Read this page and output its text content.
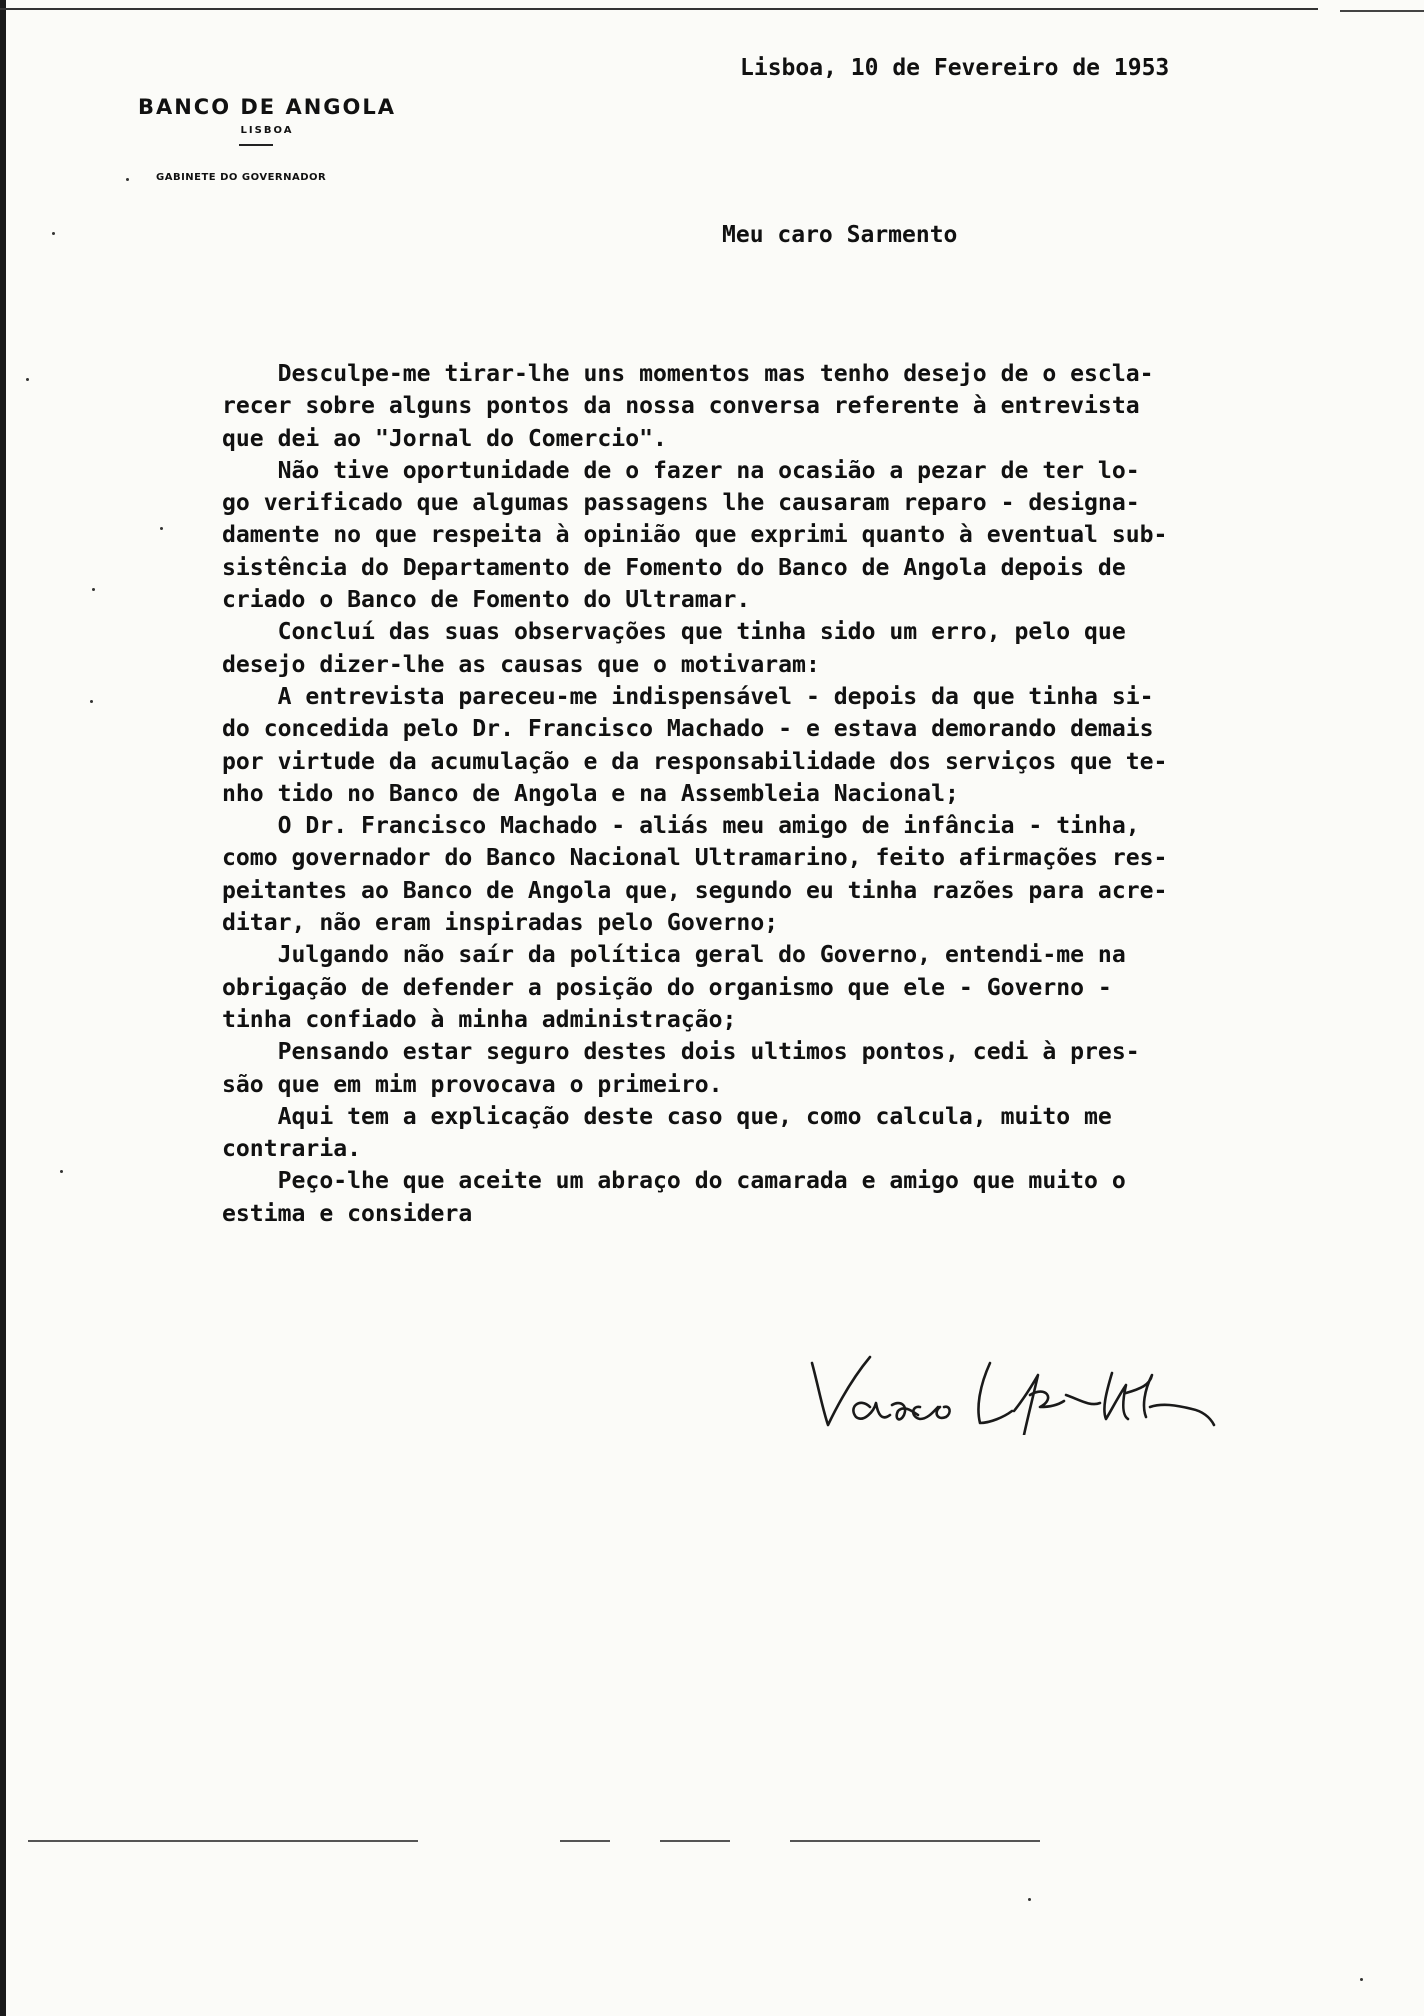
BANCO DE ANGOLA
LISBOA
GABINETE DO GOVERNADOR
Lisboa, 10 de Fevereiro de 1953
Meu caro Sarmento
Desculpe-me tirar-lhe uns momentos mas tenho desejo de o escla-
recer sobre alguns pontos da nossa conversa referente à entrevista
que dei ao "Jornal do Comercio".
Não tive oportunidade de o fazer na ocasião a pezar de ter lo-
go verificado que algumas passagens lhe causaram reparo - designa-
damente no que respeita à opinião que exprimi quanto à eventual sub-
sistência do Departamento de Fomento do Banco de Angola depois de
criado o Banco de Fomento do Ultramar.
Concluí das suas observações que tinha sido um erro, pelo que
desejo dizer-lhe as causas que o motivaram:
A entrevista pareceu-me indispensável - depois da que tinha si-
do concedida pelo Dr. Francisco Machado - e estava demorando demais
por virtude da acumulação e da responsabilidade dos serviços que te-
nho tido no Banco de Angola e na Assembleia Nacional;
O Dr. Francisco Machado - aliás meu amigo de infância - tinha,
como governador do Banco Nacional Ultramarino, feito afirmações res-
peitantes ao Banco de Angola que, segundo eu tinha razões para acre-
ditar, não eram inspiradas pelo Governo;
Julgando não saír da política geral do Governo, entendi-me na
obrigação de defender a posição do organismo que ele - Governo -
tinha confiado à minha administração;
Pensando estar seguro destes dois ultimos pontos, cedi à pres-
são que em mim provocava o primeiro.
Aqui tem a explicação deste caso que, como calcula, muito me
contraria.
Peço-lhe que aceite um abraço do camarada e amigo que muito o
estima e considera
